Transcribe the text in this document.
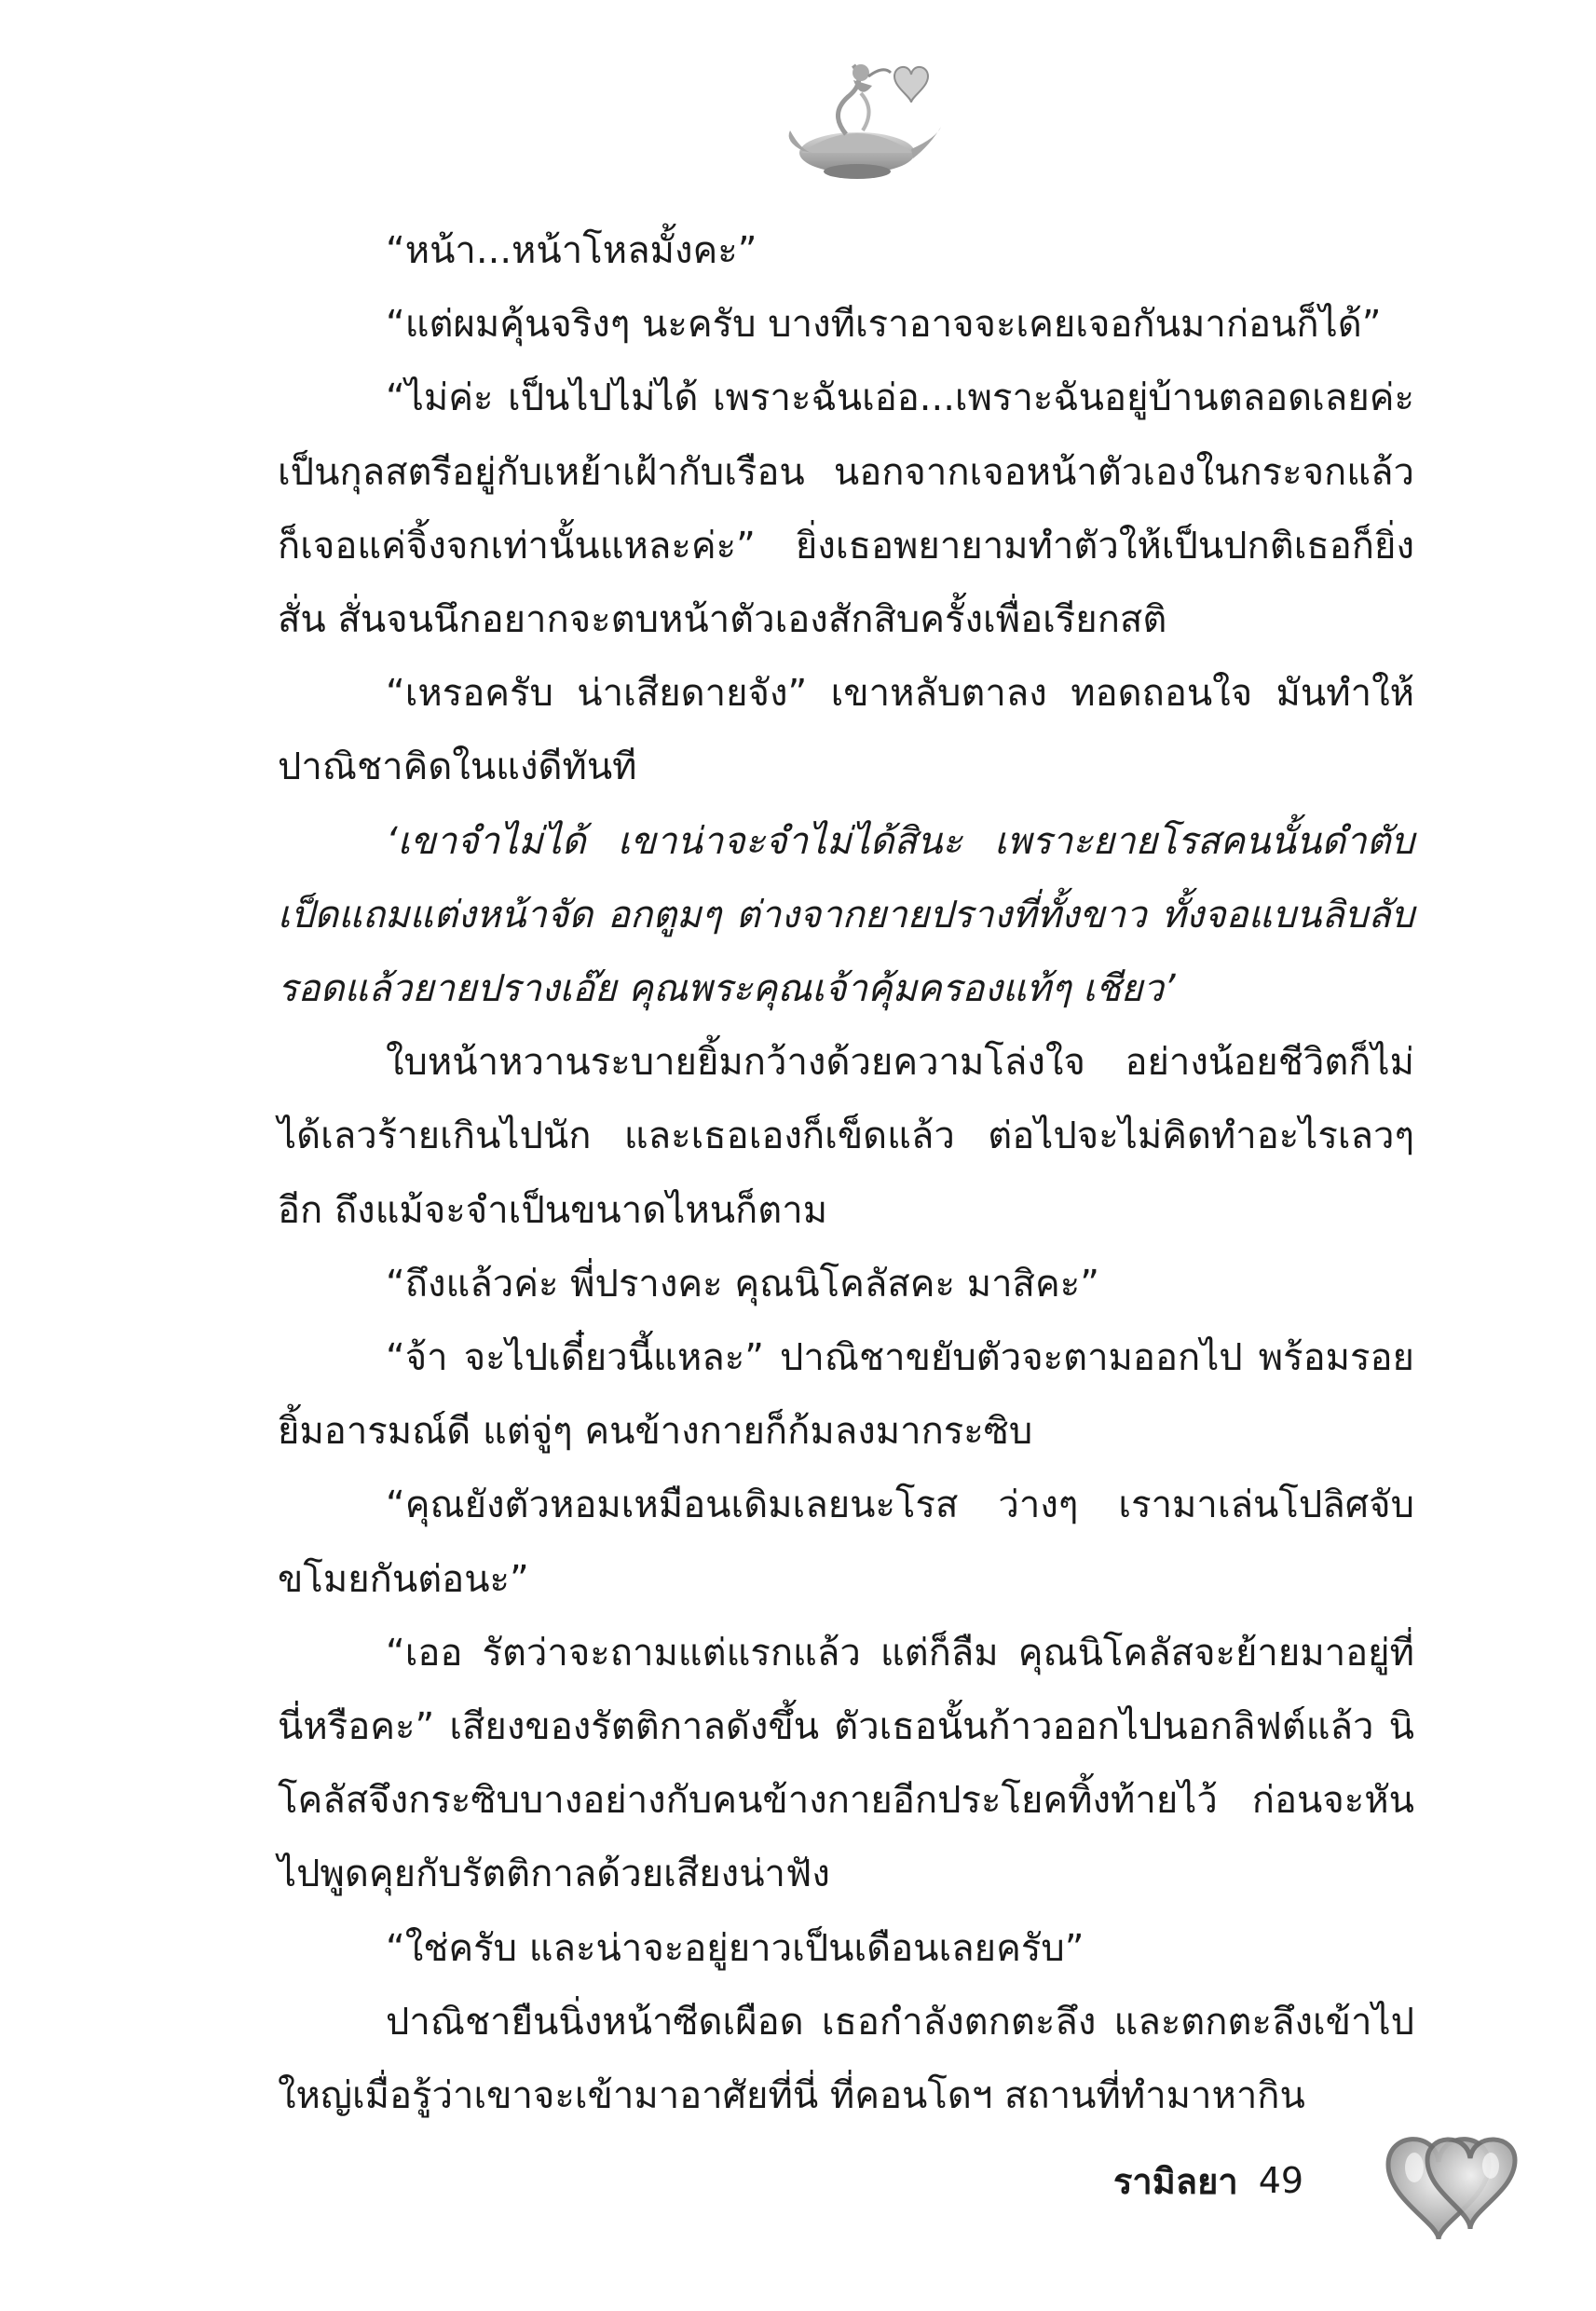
“หน้า...หน้าโหลมั้งคะ”

“แต่ผมคุ้นจริงๆ นะครับ บางทีเราอาจจะเคยเจอกันมาก่อนก็ได้”

“ไม่ค่ะ เป็นไปไม่ได้ เพราะฉันเอ่อ...เพราะฉันอยู่บ้านตลอดเลยค่ะ เป็นกุลสตรีอยู่กับเหย้าเฝ้ากับเรือน นอกจากเจอหน้าตัวเองในกระจกแล้ว ก็เจอแค่จิ้งจกเท่านั้นแหละค่ะ” ยิ่งเธอพยายามทำตัวให้เป็นปกติเธอก็ยิ่งสั่น สั่นจนนึกอยากจะตบหน้าตัวเองสักสิบครั้งเพื่อเรียกสติ

“เหรอครับ น่าเสียดายจัง” เขาหลับตาลง ทอดถอนใจ มันทำให้ปาณิชาคิดในแง่ดีทันที

‘เขาจำไม่ได้ เขาน่าจะจำไม่ได้สินะ เพราะยายโรสคนนั้นดำตับเป็ดแถมแต่งหน้าจัด อกตูมๆ ต่างจากยายปรางที่ทั้งขาว ทั้งจอแบนลิบลับรอดแล้วยายปรางเอ๊ย คุณพระคุณเจ้าคุ้มครองแท้ๆ เชียว’

ใบหน้าหวานระบายยิ้มกว้างด้วยความโล่งใจ อย่างน้อยชีวิตก็ไม่ได้เลวร้ายเกินไปนัก และเธอเองก็เข็ดแล้ว ต่อไปจะไม่คิดทำอะไรเลวๆ อีก ถึงแม้จะจำเป็นขนาดไหนก็ตาม

“ถึงแล้วค่ะ พี่ปรางคะ คุณนิโคลัสคะ มาสิคะ”

“จ้า จะไปเดี๋ยวนี้แหละ” ปาณิชาขยับตัวจะตามออกไป พร้อมรอยยิ้มอารมณ์ดี แต่จู่ๆ คนข้างกายก็ก้มลงมากระซิบ

“คุณยังตัวหอมเหมือนเดิมเลยนะโรส ว่างๆ เรามาเล่นโปลิศจับขโมยกันต่อนะ”

“เออ รัตว่าจะถามแต่แรกแล้ว แต่ก็ลืม คุณนิโคลัสจะย้ายมาอยู่ที่นี่หรือคะ” เสียงของรัตติกาลดังขึ้น ตัวเธอนั้นก้าวออกไปนอกลิฟต์แล้ว นิโคลัสจึงกระซิบบางอย่างกับคนข้างกายอีกประโยคทิ้งท้ายไว้ ก่อนจะหันไปพูดคุยกับรัตติกาลด้วยเสียงน่าฟัง

“ใช่ครับ และน่าจะอยู่ยาวเป็นเดือนเลยครับ”

ปาณิชายืนนิ่งหน้าซีดเผือด เธอกำลังตกตะลึง และตกตะลึงเข้าไปใหญ่เมื่อรู้ว่าเขาจะเข้ามาอาศัยที่นี่ ที่คอนโดฯ สถานที่ทำมาหากิน

รามิลยา 49
